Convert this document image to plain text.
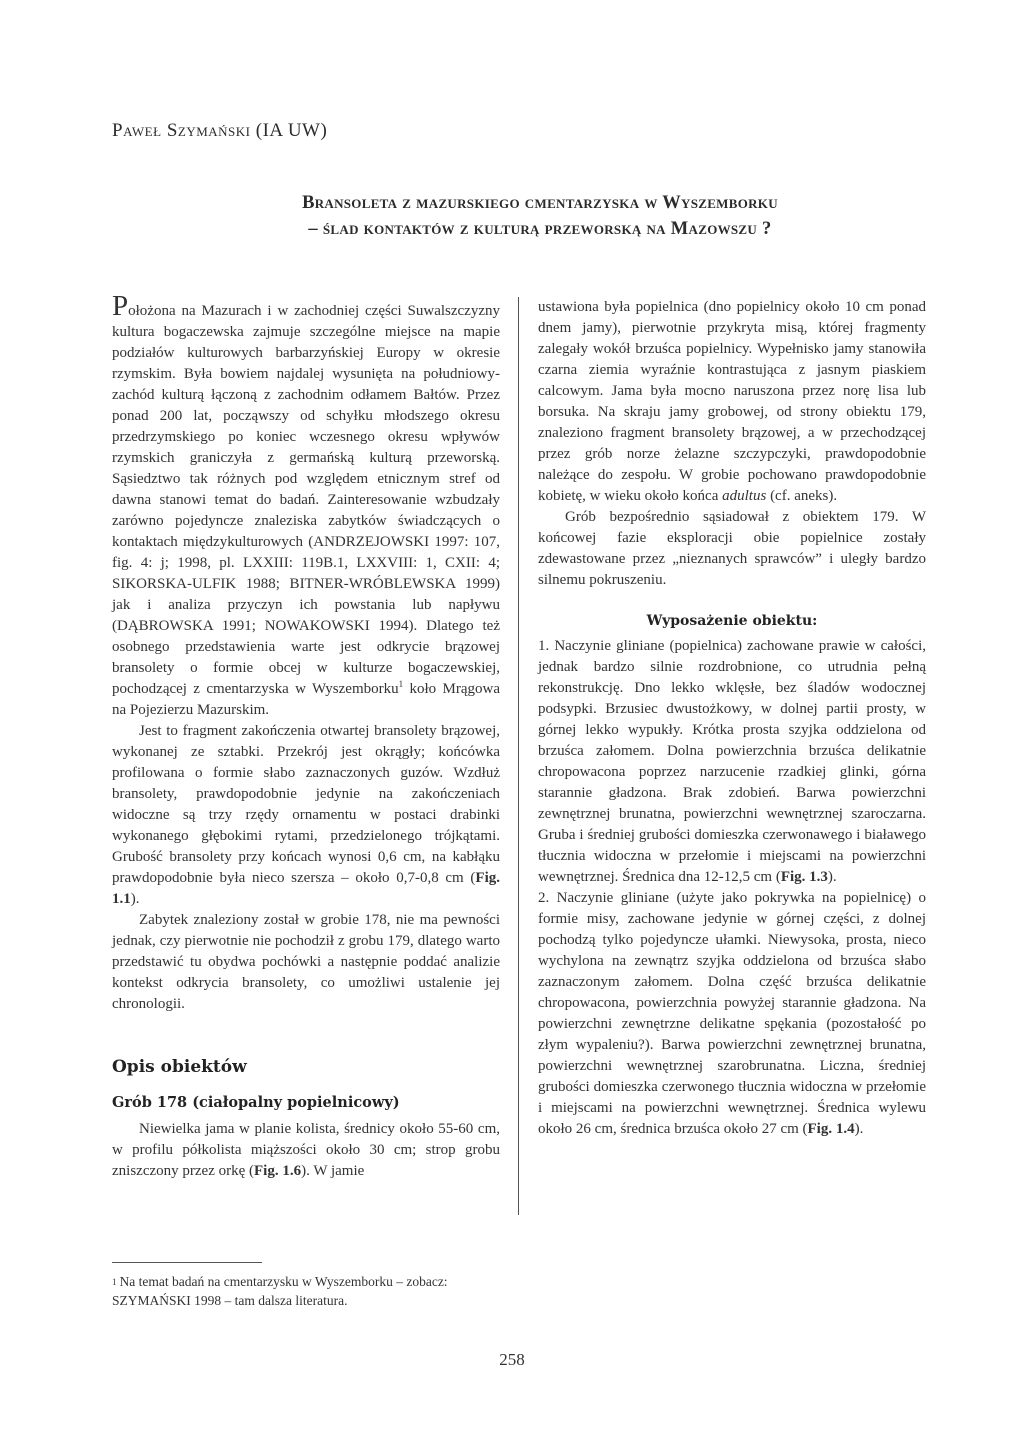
Paweł Szymański (IA UW)
Bransoleta z mazurskiego cmentarzyska w Wyszemborku
– ślad kontaktów z kulturą przeworską na Mazowszu ?

Położona na Mazurach i w zachodniej części Suwalszczyzny kultura bogaczewska zajmuje szczególne miejsce na mapie podziałów kulturowych barbarzyńskiej Europy w okresie rzymskim. Była bowiem najdalej wysunięta na południowy-zachód kulturą łączoną z zachodnim odłamem Bałtów. Przez ponad 200 lat, począwszy od schyłku młodszego okresu przedrzymskiego po koniec wczesnego okresu wpływów rzymskich graniczyła z germańską kulturą przeworską. Sąsiedztwo tak różnych pod względem etnicznym stref od dawna stanowi temat do badań. Zainteresowanie wzbudzały zarówno pojedyncze znaleziska zabytków świadczących o kontaktach międzykulturowych (ANDRZEJOWSKI 1997: 107, fig. 4: j; 1998, pl. LXXIII: 119B.1, LXXVIII: 1, CXII: 4; SIKORSKA-ULFIK 1988; BITNER-WRÓBLEWSKA 1999) jak i analiza przyczyn ich powstania lub napływu (DĄBROWSKA 1991; NOWAKOWSKI 1994). Dlatego też osobnego przedstawienia warte jest odkrycie brązowej bransolety o formie obcej w kulturze bogaczewskiej, pochodzącej z cmentarzyska w Wyszemborku$^1$ koło Mrągowa na Pojezierzu Mazurskim.

Jest to fragment zakończenia otwartej bransolety brązowej, wykonanej ze sztabki. Przekrój jest okrągły; końcówka profilowana o formie słabo zaznaczonych guzów. Wzdłuż bransolety, prawdopodobnie jedynie na zakończeniach widoczne są trzy rzędy ornamentu w postaci drabinki wykonanego głębokimi rytami, przedzielonego trójkątami. Grubość bransolety przy końcach wynosi 0,6 cm, na kabłąku prawdopodobnie była nieco szersza – około 0,7-0,8 cm (Fig. 1.1).

Zabytek znaleziony został w grobie 178, nie ma pewności jednak, czy pierwotnie nie pochodził z grobu 179, dlatego warto przedstawić tu obydwa pochówki a następnie poddać analizie kontekst odkrycia bransolety, co umożliwi ustalenie jej chronologii.

Opis obiektów
Grób 178 (ciałopalny popielnicowy)

Niewielka jama w planie kolista, średnicy około 55-60 cm, w profilu półkolista miąższości około 30 cm; strop grobu zniszczony przez orkę (Fig. 1.6). W jamie

ustawiona była popielnica (dno popielnicy około 10 cm ponad dnem jamy), pierwotnie przykryta misą, której fragmenty zalegały wokół brzuśca popielnicy. Wypełnisko jamy stanowiła czarna ziemia wyraźnie kontrastująca z jasnym piaskiem calcowym. Jama była mocno naruszona przez norę lisa lub borsuka. Na skraju jamy grobowej, od strony obiektu 179, znaleziono fragment bransolety brązowej, a w przechodzącej przez grób norze żelazne szczypczyki, prawdopodobnie należące do zespołu. W grobie pochowano prawdopodobnie kobietę, w wieku około końca adultus (cf. aneks).

Grób bezpośrednio sąsiadował z obiektem 179. W końcowej fazie eksploracji obie popielnice zostały zdewastowane przez „nieznanych sprawców” i uległy bardzo silnemu pokruszeniu.

Wyposażenie obiektu:

1. Naczynie gliniane (popielnica) zachowane prawie w całości, jednak bardzo silnie rozdrobnione, co utrudnia pełną rekonstrukcję. Dno lekko wklęsłe, bez śladów wodocznej podsypki. Brzusiec dwustożkowy, w dolnej partii prosty, w górnej lekko wypukły. Krótka prosta szyjka oddzielona od brzuśca załomem. Dolna powierzchnia brzuśca delikatnie chropowacona poprzez narzucenie rzadkiej glinki, górna starannie gładzona. Brak zdobień. Barwa powierzchni zewnętrznej brunatna, powierzchni wewnętrznej szaroczarna. Gruba i średniej grubości domieszka czerwonawego i białawego tłucznia widoczna w przełomie i miejscami na powierzchni wewnętrznej. Średnica dna 12-12,5 cm (Fig. 1.3).

2. Naczynie gliniane (użyte jako pokrywka na popielnicę) o formie misy, zachowane jedynie w górnej części, z dolnej pochodzą tylko pojedyncze ułamki. Niewysoka, prosta, nieco wychylona na zewnątrz szyjka oddzielona od brzuśca słabo zaznaczonym załomem. Dolna część brzuśca delikatnie chropowacona, powierzchnia powyżej starannie gładzona. Na powierzchni zewnętrzne delikatne spękania (pozostałość po złym wypaleniu?). Barwa powierzchni zewnętrznej brunatna, powierzchni wewnętrznej szarobrunatna. Liczna, średniej grubości domieszka czerwonego tłucznia widoczna w przełomie i miejscami na powierzchni wewnętrznej. Średnica wylewu około 26 cm, średnica brzuśca około 27 cm (Fig. 1.4).

$^1$ Na temat badań na cmentarzysku w Wyszemborku – zobacz: SZYMAŃSKI 1998 – tam dalsza literatura.
258
